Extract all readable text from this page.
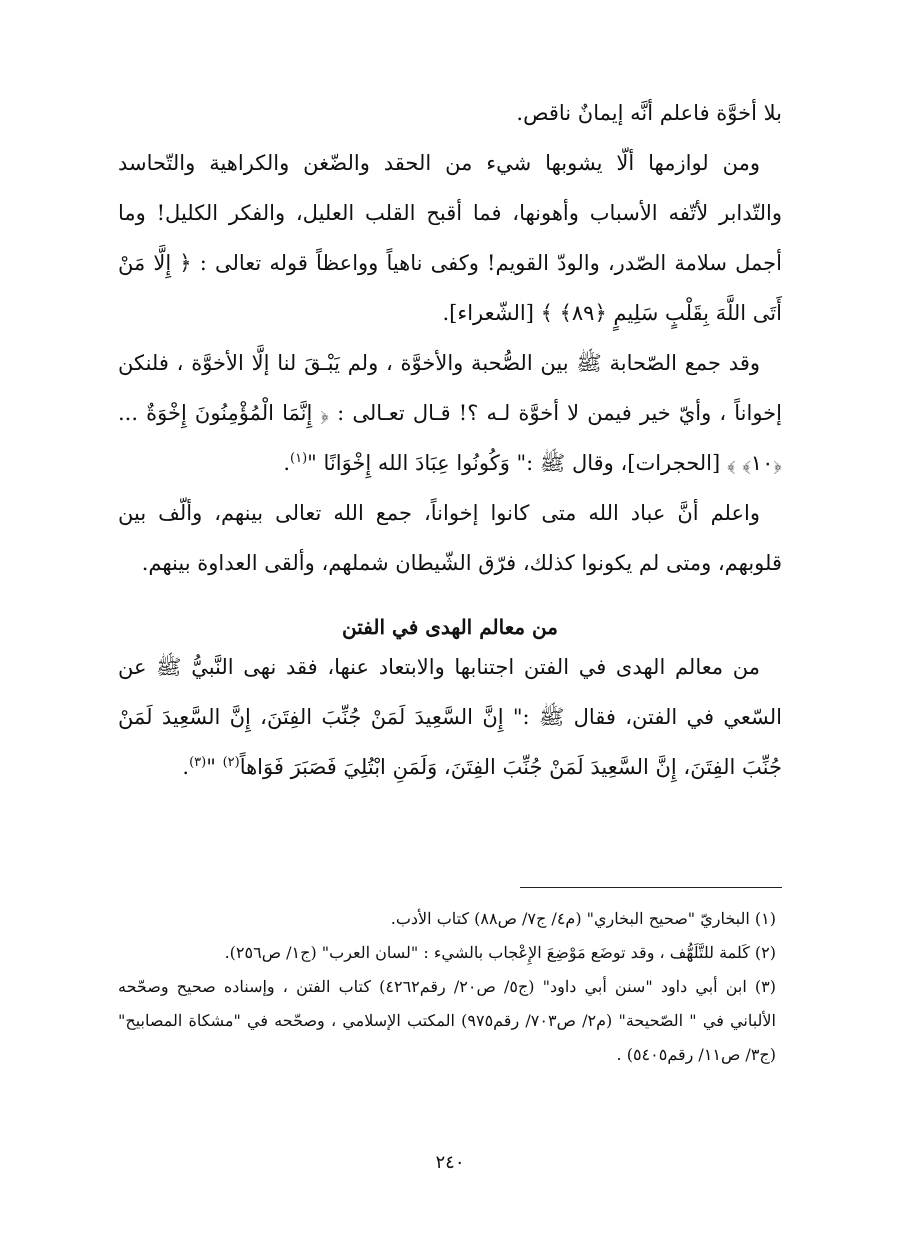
بلا أخوَّة فاعلم أنَّه إيمانٌ ناقص.

ومن لوازمها ألّا يشوبها شيء من الحقد والضّغن والكراهية والتّحاسد والتّدابر لأتّفه الأسباب وأهونها، فما أقبح القلب العليل، والفكر الكليل! وما أجمل سلامة الصّدر، والودّ القويم! وكفى ناهياً وواعظاً قوله تعالى : ﴿ إِلَّا مَنْ أَتَى اللَّهَ بِقَلْبٍ سَلِيمٍ ﴿٨٩﴾ ﴾ [الشّعراء].

وقد جمع الصّحابة ﷺ بين الصُّحبة والأخوَّة ، ولم يَبْـقَ لنا إلَّا الأخوَّة ، فلنكن إخواناً ، وأيّ خير فيمن لا أخوَّة لـه ؟! قـال تعـالى : ﴿ إِنَّمَا الْمُؤْمِنُونَ إِخْوَةٌ ... ﴿١٠﴾ ﴾ [الحجرات]، وقال ﷺ :" وَكُونُوا عِبَادَ الله إِخْوَانًا "$^{(١)}$.

واعلم أنَّ عباد الله متى كانوا إخواناً، جمع الله تعالى بينهم، وألّف بين قلوبهم، ومتى لم يكونوا كذلك، فرّق الشّيطان شملهم، وألقى العداوة بينهم.

من معالم الهدى في الفتن

من معالم الهدى في الفتن اجتنابها والابتعاد عنها، فقد نهى النَّبيُّ ﷺ عن السّعي في الفتن، فقال ﷺ :" إِنَّ السَّعِيدَ لَمَنْ جُنِّبَ الفِتَنَ، إِنَّ السَّعِيدَ لَمَنْ جُنِّبَ الفِتَنَ، إِنَّ السَّعِيدَ لَمَنْ جُنِّبَ الفِتَنَ، وَلَمَنِ ابْتُلِيَ فَصَبَرَ فَوَاهاً$^{(٢)}$ "$^{(٣)}$.

(١) البخاريّ "صحيح البخاري" (م٤/ ج٧/ ص٨٨) كتاب الأدب.

(٢) كَلمة للتَّلَهُّف ، وقد توضَع مَوْضِعَ الإِعْجاب بالشيء : "لسان العرب" (ج١/ ص٢٥٦).

(٣) ابن أبي داود "سنن أبي داود" (ج٥/ ص٢٠/ رقم٤٢٦٢) كتاب الفتن ، وإسناده صحيح وصحّحه الألباني في " الصّحيحة" (م٢/ ص٧٠٣/ رقم٩٧٥) المكتب الإسلامي ، وصحّحه في "مشكاة المصابيح" (ج٣/ ص١١/ رقم٥٤٠٥) .

٢٤٠
